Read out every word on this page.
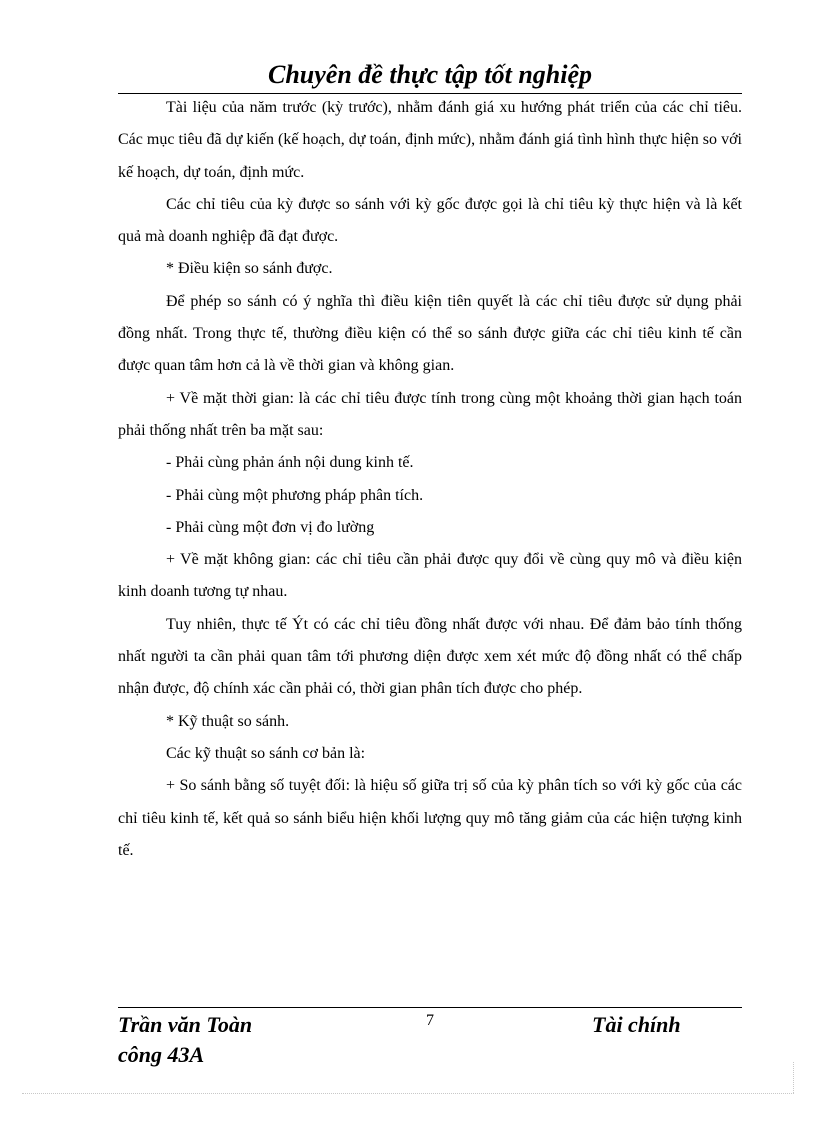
Chuyên đề thực tập tốt nghiệp

Tài liệu của năm trước (kỳ trước), nhằm đánh giá xu hướng phát triển của các chỉ tiêu. Các mục tiêu đã dự kiến (kế hoạch, dự toán, định mức), nhằm đánh giá tình hình thực hiện so với kế hoạch, dự toán, định mức.

Các chỉ tiêu của kỳ được so sánh với kỳ gốc được gọi là chỉ tiêu kỳ thực hiện và là kết quả mà doanh nghiệp đã đạt được.

* Điều kiện so sánh được.

Để phép so sánh có ý nghĩa thì điều kiện tiên quyết là các chỉ tiêu được sử dụng phải đồng nhất. Trong thực tế, thường điều kiện có thể so sánh được giữa các chỉ tiêu kinh tế cần được quan tâm hơn cả là về thời gian và không gian.

+ Về mặt thời gian: là các chỉ tiêu được tính trong cùng một khoảng thời gian hạch toán phải thống nhất trên ba mặt sau:

- Phải cùng phản ánh nội dung kinh tế.

- Phải cùng một phương pháp phân tích.

- Phải cùng một đơn vị đo lường

+ Về mặt không gian: các chỉ tiêu cần phải được quy đổi về cùng quy mô và điều kiện kinh doanh tương tự nhau.

Tuy nhiên, thực tế Ýt có các chỉ tiêu đồng nhất được với nhau. Để đảm bảo tính thống nhất người ta cần phải quan tâm tới phương diện được xem xét mức độ đồng nhất có thể chấp nhận được, độ chính xác cần phải có, thời gian phân tích được cho phép.

* Kỹ thuật so sánh.

Các kỹ thuật so sánh cơ bản là:

+ So sánh bằng số tuyệt đối: là hiệu số giữa trị số của kỳ phân tích so với kỳ gốc của các chỉ tiêu kinh tế, kết quả so sánh biểu hiện khối lượng quy mô tăng giảm của các hiện tượng kinh tế.

Trần văn Toàn
công 43A
7	Tài chính
